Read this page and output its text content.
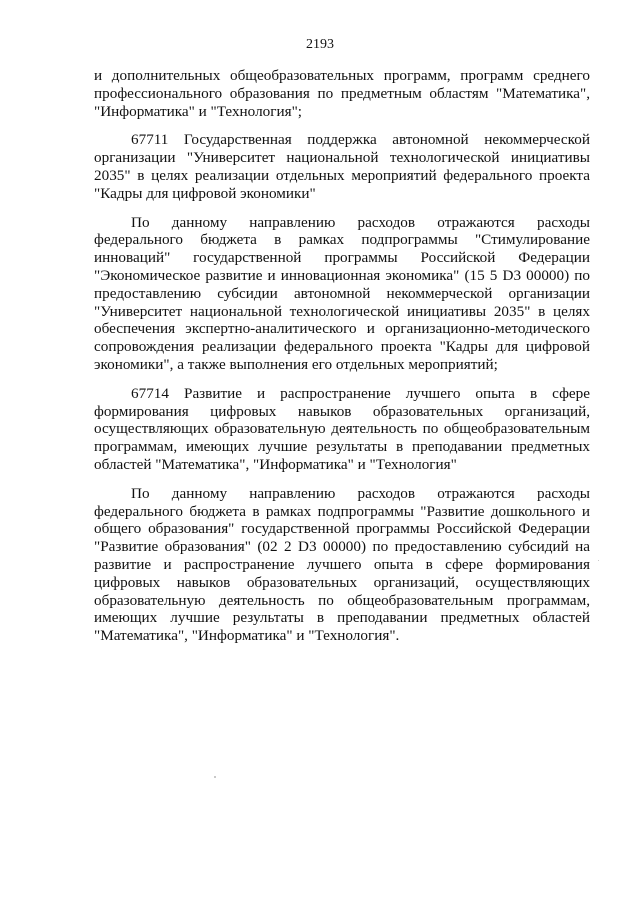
2193

и дополнительных общеобразовательных программ, программ среднего профессионального образования по предметным областям "Математика", "Информатика" и "Технология";

67711 Государственная поддержка автономной некоммерческой организации "Университет национальной технологической инициативы 2035" в целях реализации отдельных мероприятий федерального проекта "Кадры для цифровой экономики"

По данному направлению расходов отражаются расходы федерального бюджета в рамках подпрограммы "Стимулирование инноваций" государственной программы Российской Федерации "Экономическое развитие и инновационная экономика" (15 5 D3 00000) по предоставлению субсидии автономной некоммерческой организации "Университет национальной технологической инициативы 2035" в целях обеспечения экспертно-аналитического и организационно-методического сопровождения реализации федерального проекта "Кадры для цифровой экономики", а также выполнения его отдельных мероприятий;

67714 Развитие и распространение лучшего опыта в сфере формирования цифровых навыков образовательных организаций, осуществляющих образовательную деятельность по общеобразовательным программам, имеющих лучшие результаты в преподавании предметных областей "Математика", "Информатика" и "Технология"

По данному направлению расходов отражаются расходы федерального бюджета в рамках подпрограммы "Развитие дошкольного и общего образования" государственной программы Российской Федерации "Развитие образования" (02 2 D3 00000) по предоставлению субсидий на развитие и распространение лучшего опыта в сфере формирования цифровых навыков образовательных организаций, осуществляющих образовательную деятельность по общеобразовательным программам, имеющих лучшие результаты в преподавании предметных областей "Математика", "Информатика" и "Технология".
